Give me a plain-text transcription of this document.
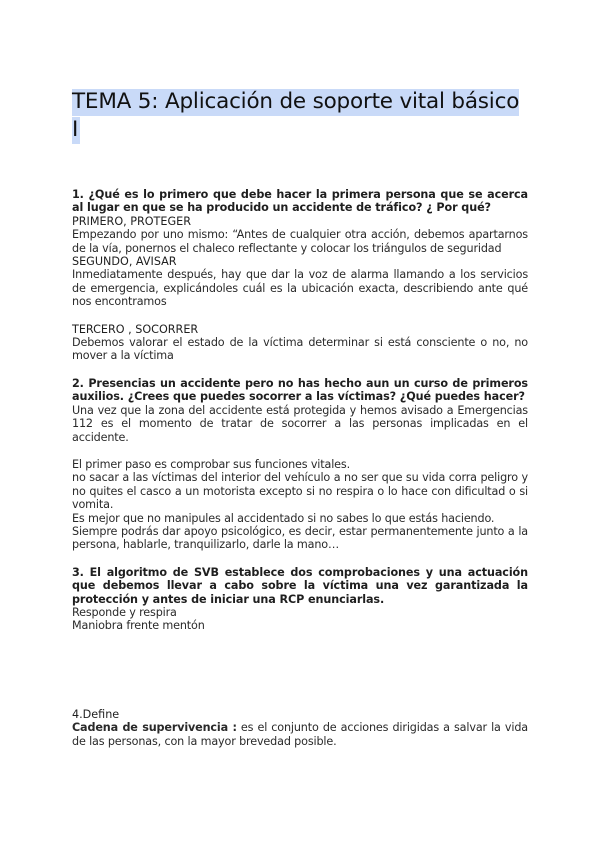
TEMA 5: Aplicación de soporte vital básico I

1. ¿Qué es lo primero que debe hacer la primera persona que se acerca al lugar en que se ha producido un accidente de tráfico? ¿ Por qué?

PRIMERO, PROTEGER

Empezando por uno mismo: “Antes de cualquier otra acción, debemos apartarnos de la vía, ponernos el chaleco reflectante y colocar los triángulos de seguridad

SEGUNDO, AVISAR

Inmediatamente después, hay que dar la voz de alarma llamando a los servicios de emergencia, explicándoles cuál es la ubicación exacta, describiendo ante qué nos encontramos

TERCERO , SOCORRER

Debemos valorar el estado de la víctima determinar si está consciente o no, no mover a la víctima

2. Presencias un accidente pero no has hecho aun un curso de primeros auxilios. ¿Crees que puedes socorrer a las víctimas? ¿Qué puedes hacer?

Una vez que la zona del accidente está protegida y hemos avisado a Emergencias 112 es el momento de tratar de socorrer a las personas implicadas en el accidente.

El primer paso es comprobar sus funciones vitales.

no sacar a las víctimas del interior del vehículo a no ser que su vida corra peligro y no quites el casco a un motorista excepto si no respira o lo hace con dificultad o si vomita.

Es mejor que no manipules al accidentado si no sabes lo que estás haciendo.

Siempre podrás dar apoyo psicológico, es decir, estar permanentemente junto a la persona, hablarle, tranquilizarlo, darle la mano…

3. El algoritmo de SVB establece dos comprobaciones y una actuación que debemos llevar a cabo sobre la víctima una vez garantizada la protección y antes de iniciar una RCP enunciarlas.

Responde y respira

Maniobra frente mentón

4.Define

Cadena de supervivencia : es el conjunto de acciones dirigidas a salvar la vida de las personas, con la mayor brevedad posible.
